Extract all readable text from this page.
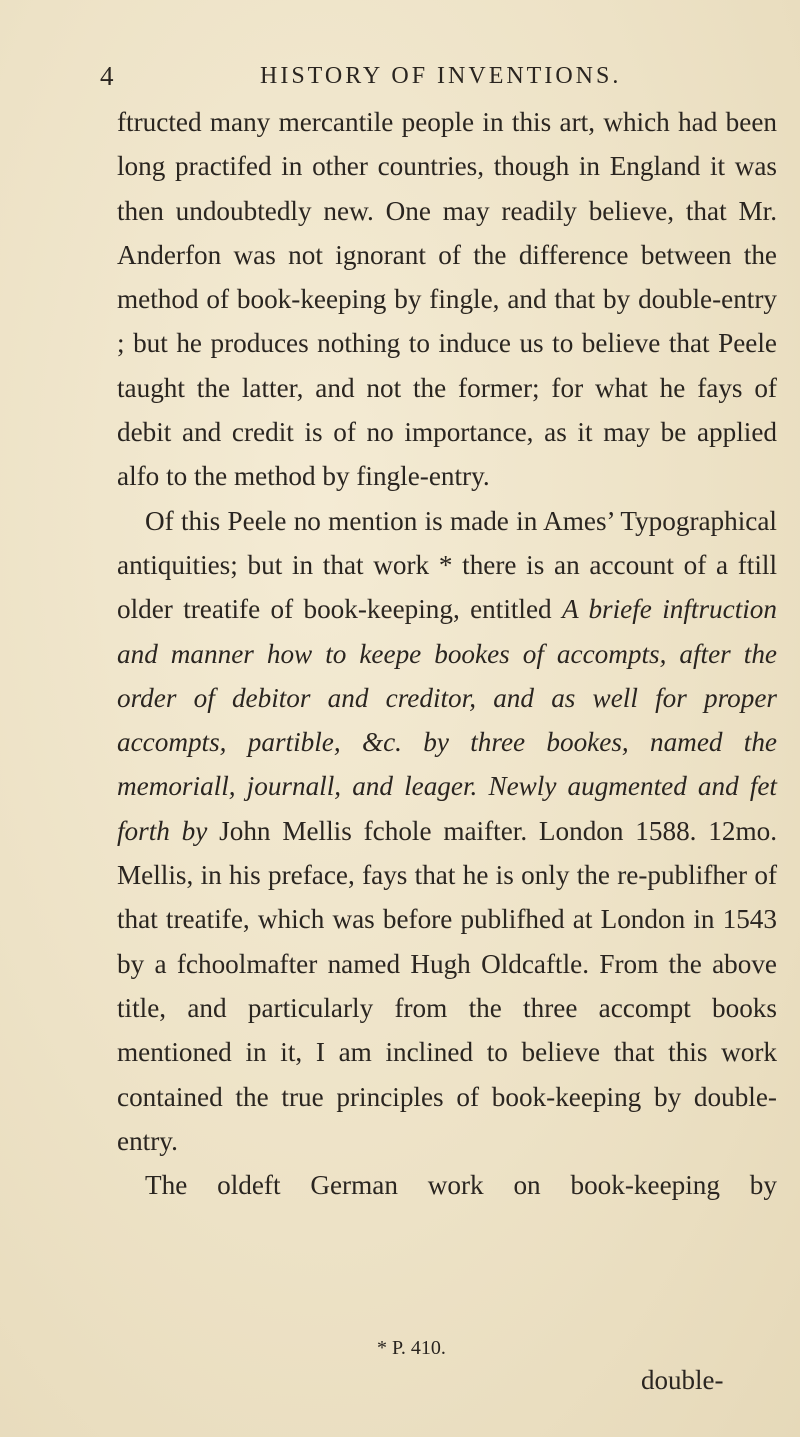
4	HISTORY OF INVENTIONS.

ftructed many mercantile people in this art, which had been long practifed in other countries, though in England it was then undoubtedly new. One may readily believe, that Mr. Anderfon was not ignorant of the difference between the method of book-keeping by fingle, and that by double-entry ; but he produces nothing to induce us to believe that Peele taught the latter, and not the former; for what he fays of debit and credit is of no importance, as it may be applied alfo to the method by fingle-entry.

Of this Peele no mention is made in Ames’ Typographical antiquities; but in that work * there is an account of a ftill older treatife of book-keeping, entitled A briefe inftruction and manner how to keepe bookes of accompts, after the order of debitor and creditor, and as well for proper accompts, partible, &c. by three bookes, named the memoriall, journall, and leager. Newly augmented and fet forth by John Mellis fchole maifter. London 1588. 12mo. Mellis, in his preface, fays that he is only the re-publifher of that treatife, which was before publifhed at London in 1543 by a fchoolmafter named Hugh Oldcaftle. From the above title, and particularly from the three accompt books mentioned in it, I am inclined to believe that this work contained the true principles of book-keeping by double-entry.

The oldeft German work on book-keeping by

* P. 410.
double-
